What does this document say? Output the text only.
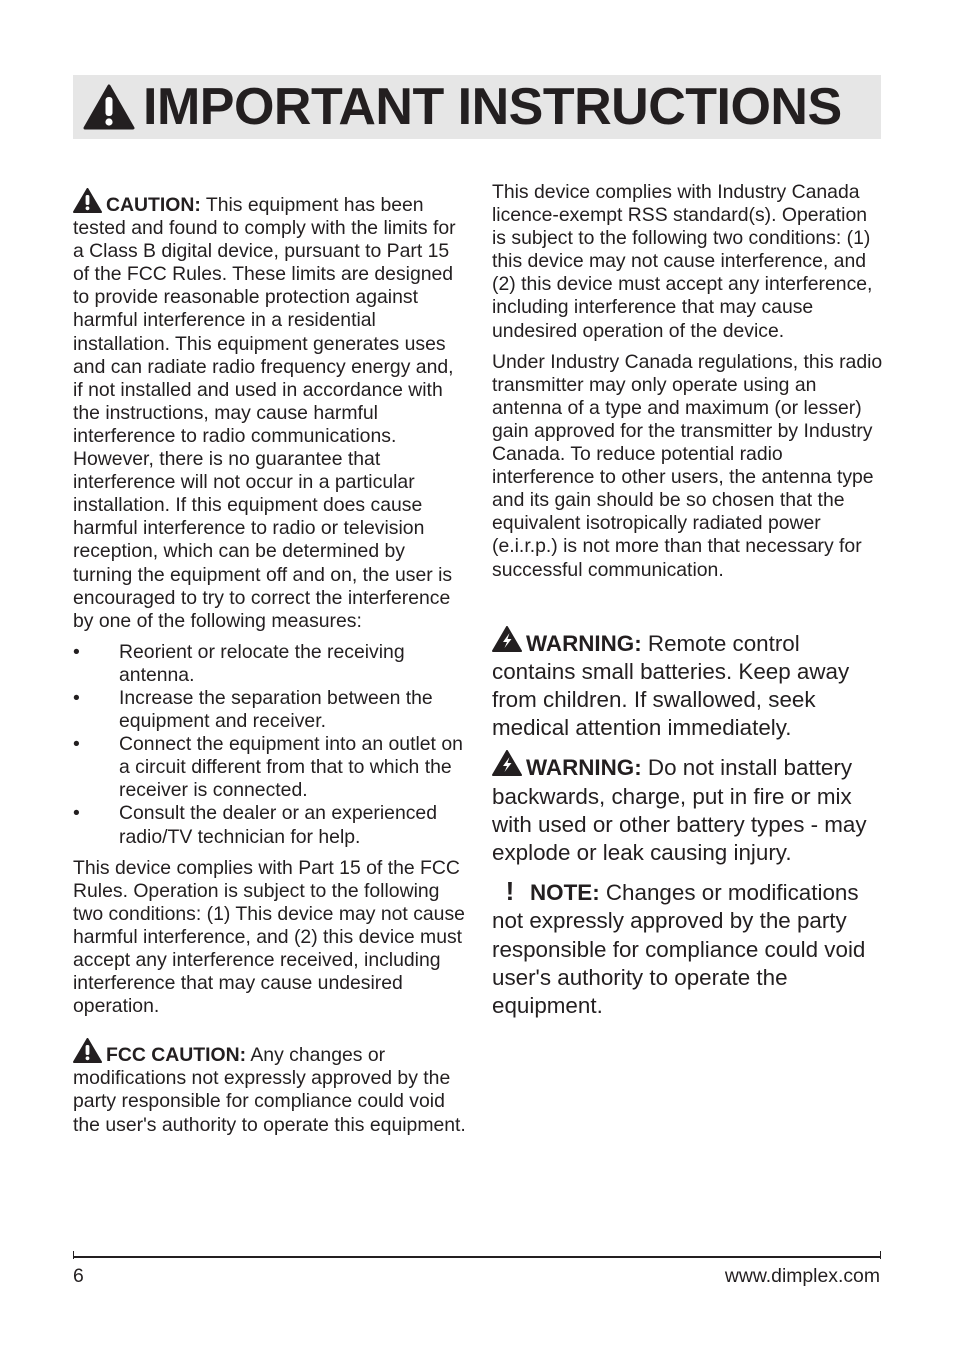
IMPORTANT INSTRUCTIONS

CAUTION: This equipment has been tested and found to comply with the limits for a Class B digital device, pursuant to Part 15 of the FCC Rules. These limits are designed to provide reasonable protection against harmful interference in a residential installation. This equipment generates uses and can radiate radio frequency energy and, if not installed and used in accordance with the instructions, may cause harmful interference to radio communications. However, there is no guarantee that interference will not occur in a particular installation. If this equipment does cause harmful interference to radio or television reception, which can be determined by turning the equipment off and on, the user is encouraged to try to correct the interference by one of the following measures:

• Reorient or relocate the receiving antenna.
• Increase the separation between the equipment and receiver.
• Connect the equipment into an outlet on a circuit different from that to which the receiver is connected.
• Consult the dealer or an experienced radio/TV technician for help.

This device complies with Part 15 of the FCC Rules. Operation is subject to the following two conditions: (1) This device may not cause harmful interference, and (2) this device must accept any interference received, including interference that may cause undesired operation.

FCC CAUTION: Any changes or modifications not expressly approved by the party responsible for compliance could void the user's authority to operate this equipment.

This device complies with Industry Canada licence-exempt RSS standard(s). Operation is subject to the following two conditions: (1) this device may not cause interference, and (2) this device must accept any interference, including interference that may cause undesired operation of the device.

Under Industry Canada regulations, this radio transmitter may only operate using an antenna of a type and maximum (or lesser) gain approved for the transmitter by Industry Canada. To reduce potential radio interference to other users, the antenna type and its gain should be so chosen that the equivalent isotropically radiated power (e.i.r.p.) is not more than that necessary for successful communication.

WARNING: Remote control contains small batteries. Keep away from children. If swallowed, seek medical attention immediately.

WARNING: Do not install battery backwards, charge, put in fire or mix with used or other battery types - may explode or leak causing injury.

! NOTE: Changes or modifications not expressly approved by the party responsible for compliance could void user's authority to operate the equipment.

6	www.dimplex.com
